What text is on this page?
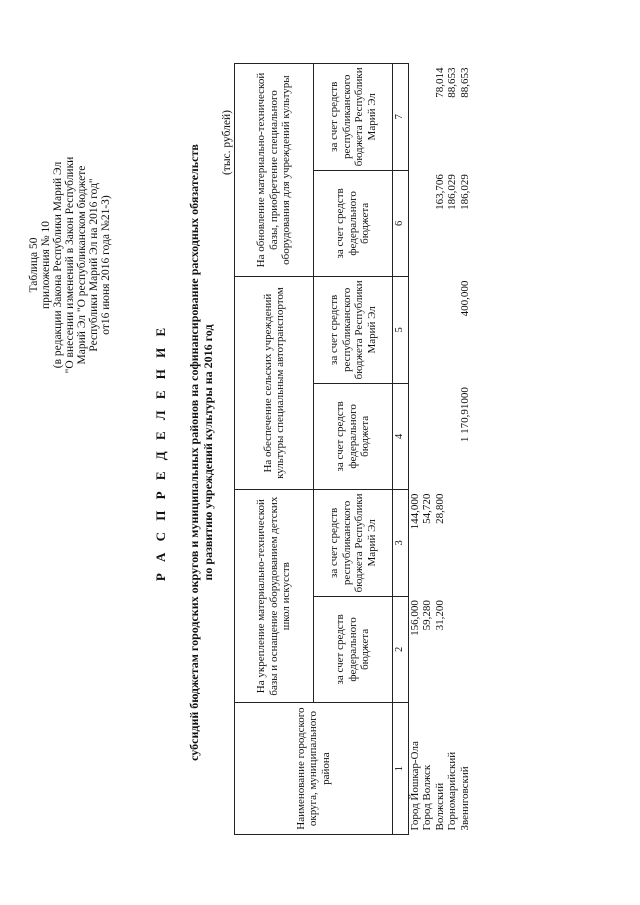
Таблица 50 приложения № 10 (в редакции Закона Республики Марий Эл "О внесении изменений в Закон Республики Марий Эл "О республиканском бюджете Республики Марий Эл на 2016 год" от16 июня 2016 года №21-З)
Р А С П Р Е Д Е Л Е Н И Е субсидий бюджетам городских округов и муниципальных районов на софинансирование расходных обязательств по развитию учреждений культуры на 2016 год
(тыс. рублей)
Наименование городского округа, муниципального района	На укрепление материально-технической базы и оснащение оборудованием детских школ искусств		На обеспечение сельских учреждений культуры специальным автотранспортом		На обновление материально-технической базы, приобретение специального оборудования для учреждений культуры	
	за счет средств федерального бюджета	за счет средств республиканского бюджета Республики Марий Эл	за счет средств федерального бюджета	за счет средств республиканского бюджета Республики Марий Эл	за счет средств федерального бюджета	за счет средств республиканского бюджета Республики Марий Эл
1	2	3	4	5	6	7
Город Йошкар-Ола	156,000	144,000				
Город Волжск	59,280	54,720				
Волжский	31,200	28,800			163,706	78,014
Горномарийский					186,029	88,653
Звениговский			1 170,91000	400,000	186,029	88,653
